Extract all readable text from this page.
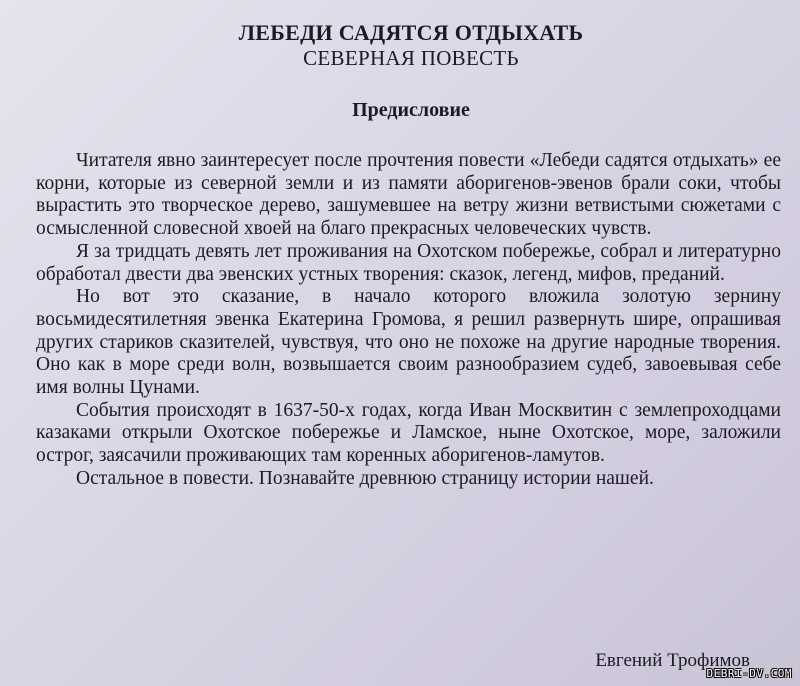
ЛЕБЕДИ САДЯТСЯ ОТДЫХАТЬ
СЕВЕРНАЯ ПОВЕСТЬ
Предисловие

Читателя явно заинтересует после прочтения повести «Лебеди садятся отдыхать» ее корни, которые из северной земли и из памяти аборигенов-эвенов брали соки, чтобы вырастить это творческое дерево, зашумевшее на ветру жизни ветвистыми сюжетами с осмысленной словесной хвоей на благо прекрасных человеческих чувств.

Я за тридцать девять лет проживания на Охотском побережье, собрал и литературно обработал двести два эвенских устных творения: сказок, легенд, мифов, преданий.

Но вот это сказание, в начало которого вложила золотую зернину восьмидесятилетняя эвенка Екатерина Громова, я решил развернуть шире, опрашивая других стариков сказителей, чувствуя, что оно не похоже на другие народные творения. Оно как в море среди волн, возвышается своим разнообразием судеб, завоевывая себе имя волны Цунами.

События происходят в 1637-50-х годах, когда Иван Москвитин с землепроходцами казаками открыли Охотское побережье и Ламское, ныне Охотское, море, заложили острог, заясачили проживающих там коренных аборигенов-ламутов.

Остальное в повести. Познавайте древнюю страницу истории нашей.

Евгений Трофимов
DEBRI-DV.COM
